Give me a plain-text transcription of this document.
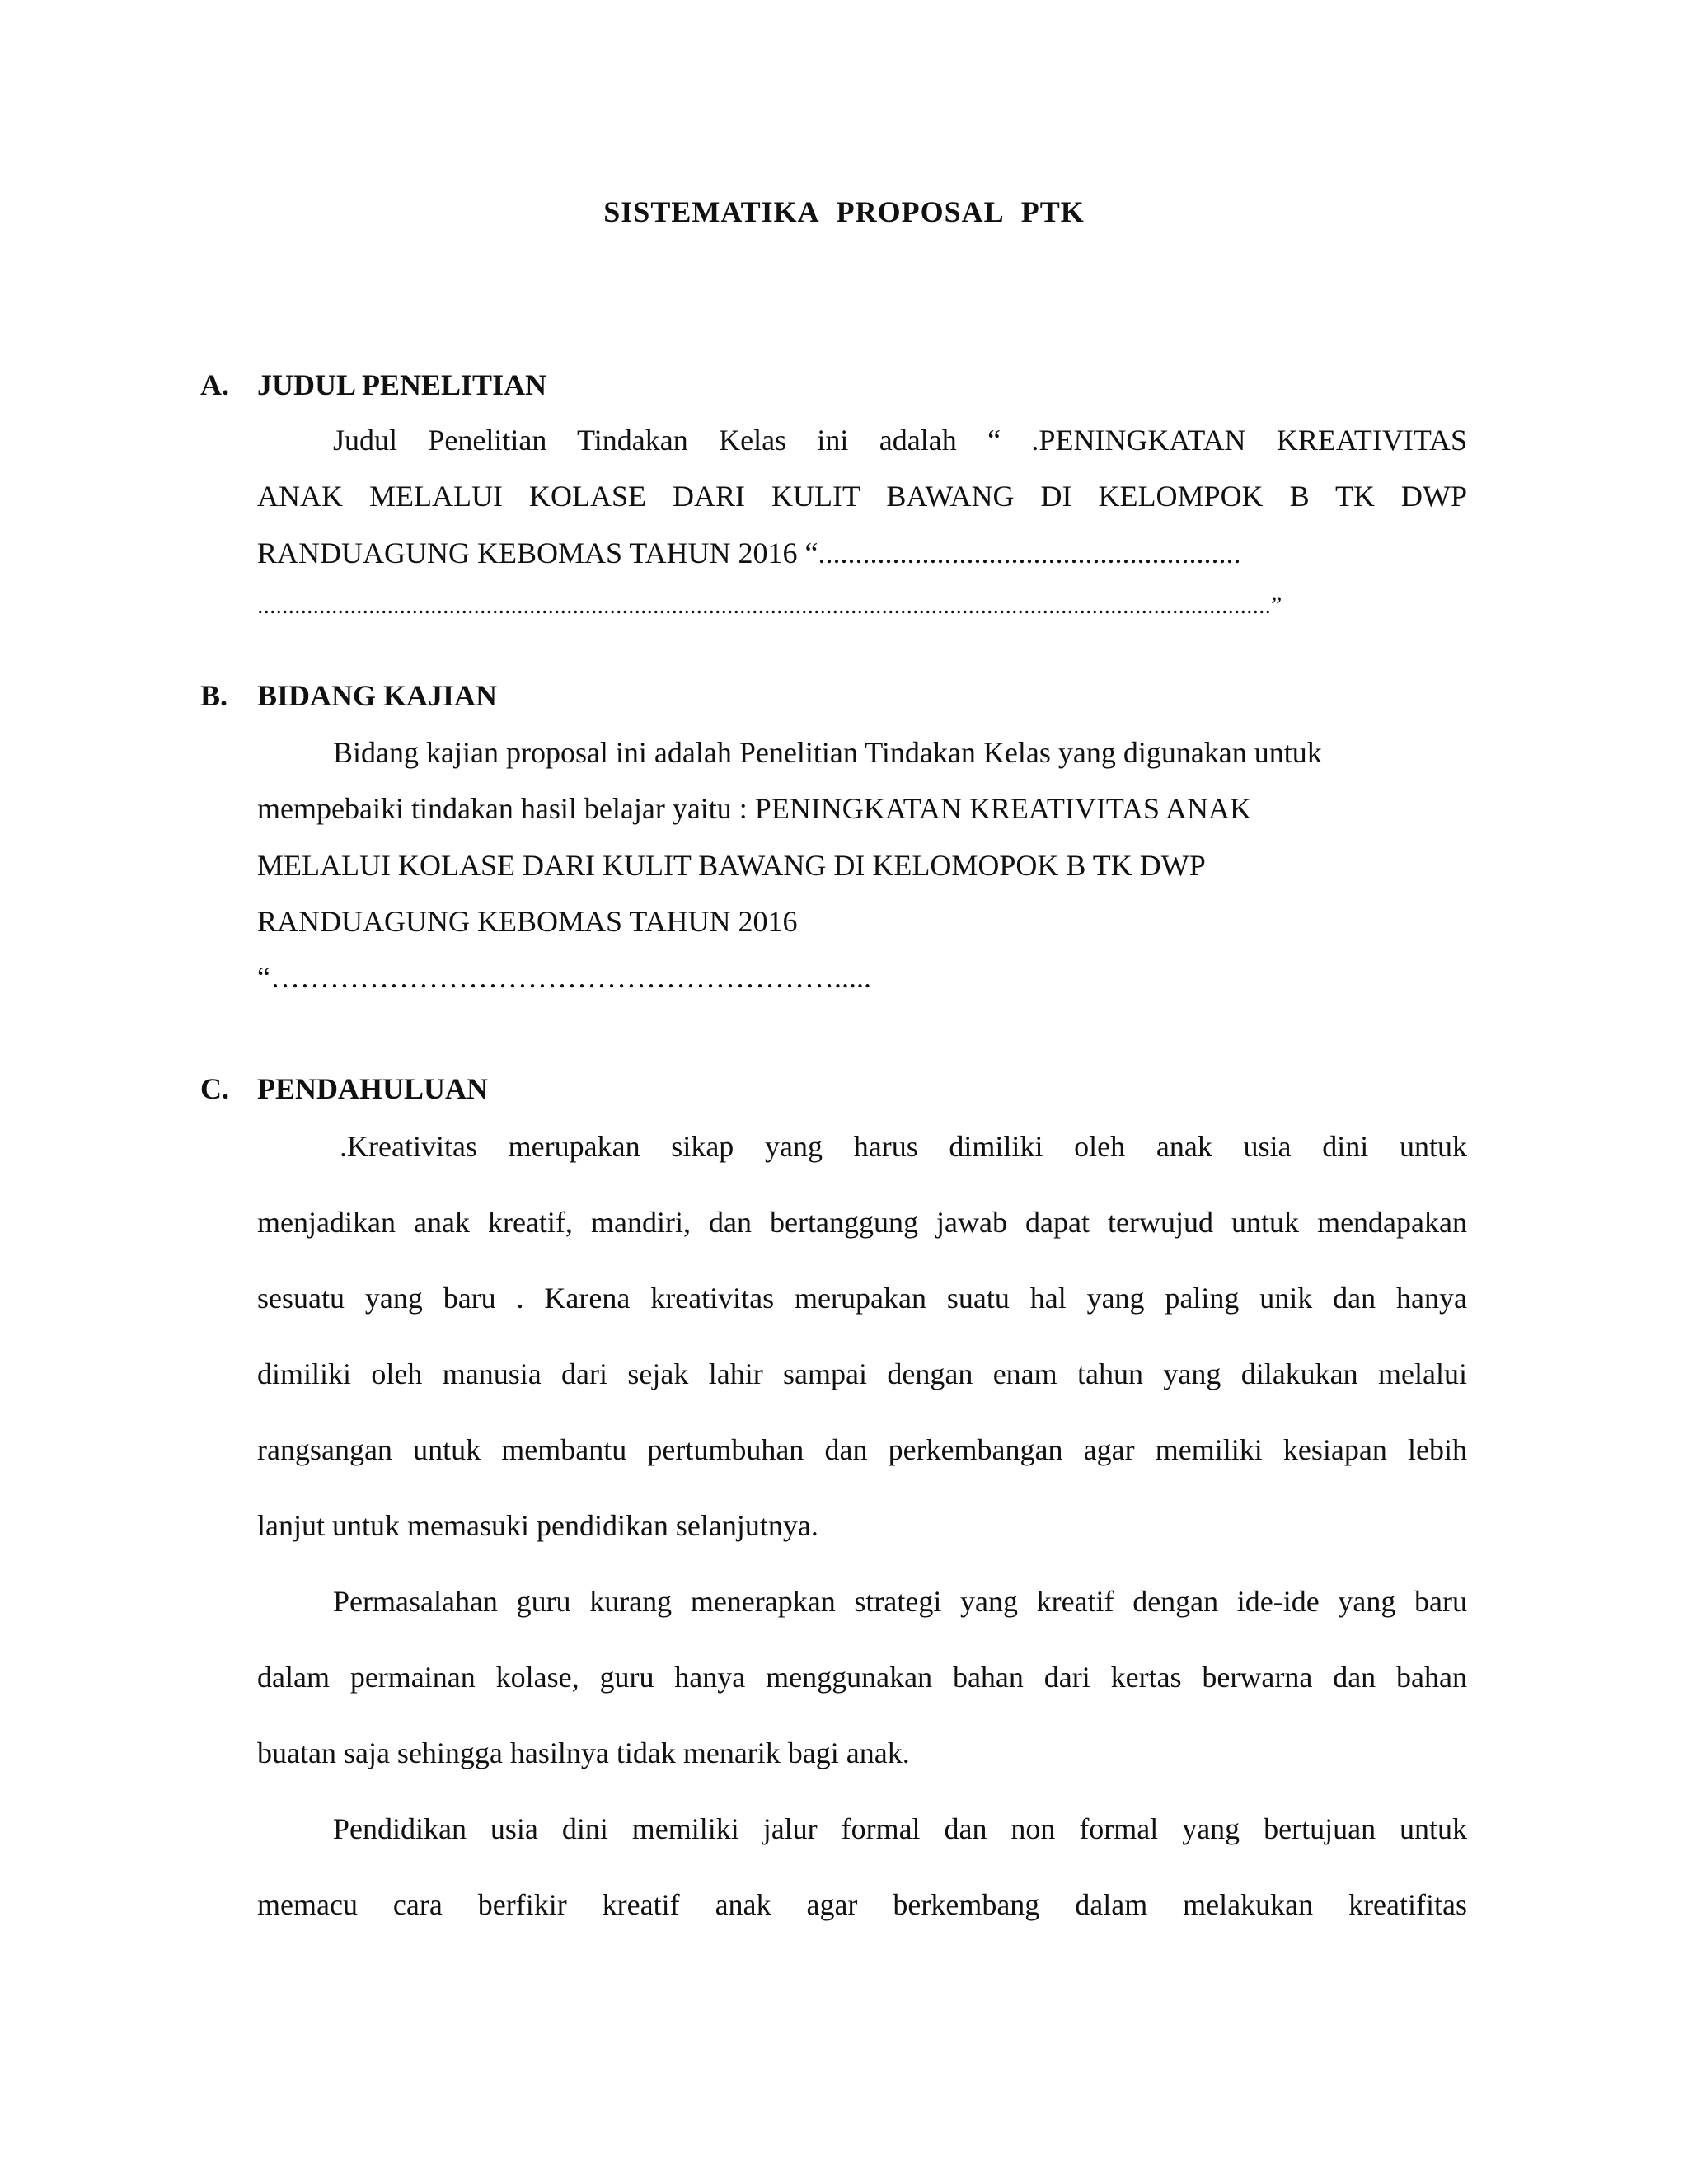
SISTEMATIKA PROPOSAL PTK
A. JUDUL PENELITIAN
Judul Penelitian Tindakan Kelas ini adalah “ .PENINGKATAN KREATIVITAS
ANAK MELALUI KOLASE DARI KULIT BAWANG DI KELOMPOK B TK DWP
RANDUAGUNG KEBOMAS TAHUN 2016 “.........................................................
....................................................................................................................................................................”
B. BIDANG KAJIAN
Bidang kajian proposal ini adalah Penelitian Tindakan Kelas yang digunakan untuk
mempebaiki tindakan hasil belajar yaitu : PENINGKATAN KREATIVITAS ANAK
MELALUI KOLASE DARI KULIT BAWANG DI KELOMOPOK B TK DWP
RANDUAGUNG KEBOMAS TAHUN 2016
“………………………………………………….....
C. PENDAHULUAN
.Kreativitas merupakan sikap yang harus dimiliki oleh anak usia dini untuk
menjadikan anak kreatif, mandiri, dan bertanggung jawab dapat terwujud untuk mendapakan
sesuatu yang baru . Karena kreativitas merupakan suatu hal yang paling unik dan hanya
dimiliki oleh manusia dari sejak lahir sampai dengan enam tahun yang dilakukan melalui
rangsangan untuk membantu pertumbuhan dan perkembangan agar memiliki kesiapan lebih
lanjut untuk memasuki pendidikan selanjutnya.
Permasalahan guru kurang menerapkan strategi yang kreatif dengan ide-ide yang baru
dalam permainan kolase, guru hanya menggunakan bahan dari kertas berwarna dan bahan
buatan saja sehingga hasilnya tidak menarik bagi anak.
Pendidikan usia dini memiliki jalur formal dan non formal yang bertujuan untuk
memacu cara berfikir kreatif anak agar berkembang dalam melakukan kreatifitas
